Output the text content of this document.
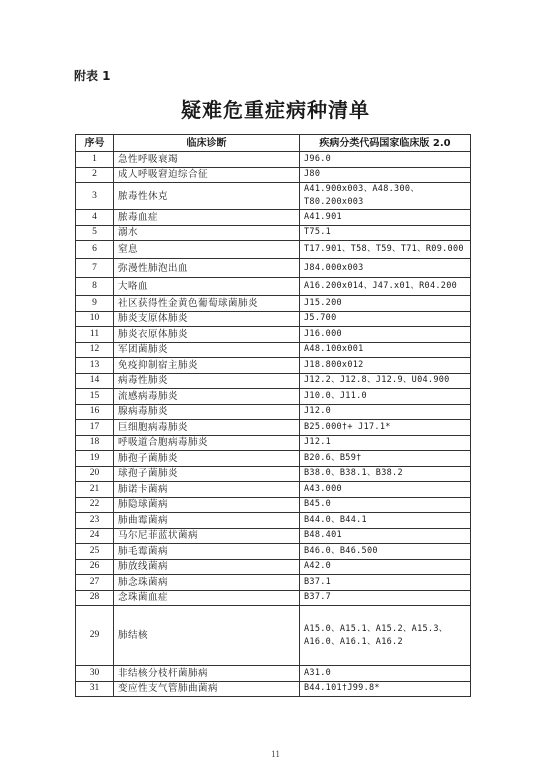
附表 1
疑难危重症病种清单
序号	临床诊断	疾病分类代码国家临床版 2.0
1	急性呼吸衰竭	J96.0
2	成人呼吸窘迫综合征	J80
3	脓毒性休克	A41.900x003、A48.300、T80.200x003
4	脓毒血症	A41.901
5	溺水	T75.1
6	窒息	T17.901、T58、T59、T71、R09.000
7	弥漫性肺泡出血	J84.000x003
8	大咯血	A16.200x014、J47.x01、R04.200
9	社区获得性金黄色葡萄球菌肺炎	J15.200
10	肺炎支原体肺炎	J5.700
11	肺炎衣原体肺炎	J16.000
12	军团菌肺炎	A48.100x001
13	免疫抑制宿主肺炎	J18.800x012
14	病毒性肺炎	J12.2、J12.8、J12.9、U04.900
15	流感病毒肺炎	J10.0、J11.0
16	腺病毒肺炎	J12.0
17	巨细胞病毒肺炎	B25.000†+ J17.1*
18	呼吸道合胞病毒肺炎	J12.1
19	肺孢子菌肺炎	B20.6、B59†
20	球孢子菌肺炎	B38.0、B38.1、B38.2
21	肺诺卡菌病	A43.000
22	肺隐球菌病	B45.0
23	肺曲霉菌病	B44.0、B44.1
24	马尔尼菲蓝状菌病	B48.401
25	肺毛霉菌病	B46.0、B46.500
26	肺放线菌病	A42.0
27	肺念珠菌病	B37.1
28	念珠菌血症	B37.7
29	肺结核	A15.0、A15.1、A15.2、A15.3、A16.0、A16.1、A16.2
30	非结核分枝杆菌肺病	A31.0
31	变应性支气管肺曲菌病	B44.101†J99.8*
11
